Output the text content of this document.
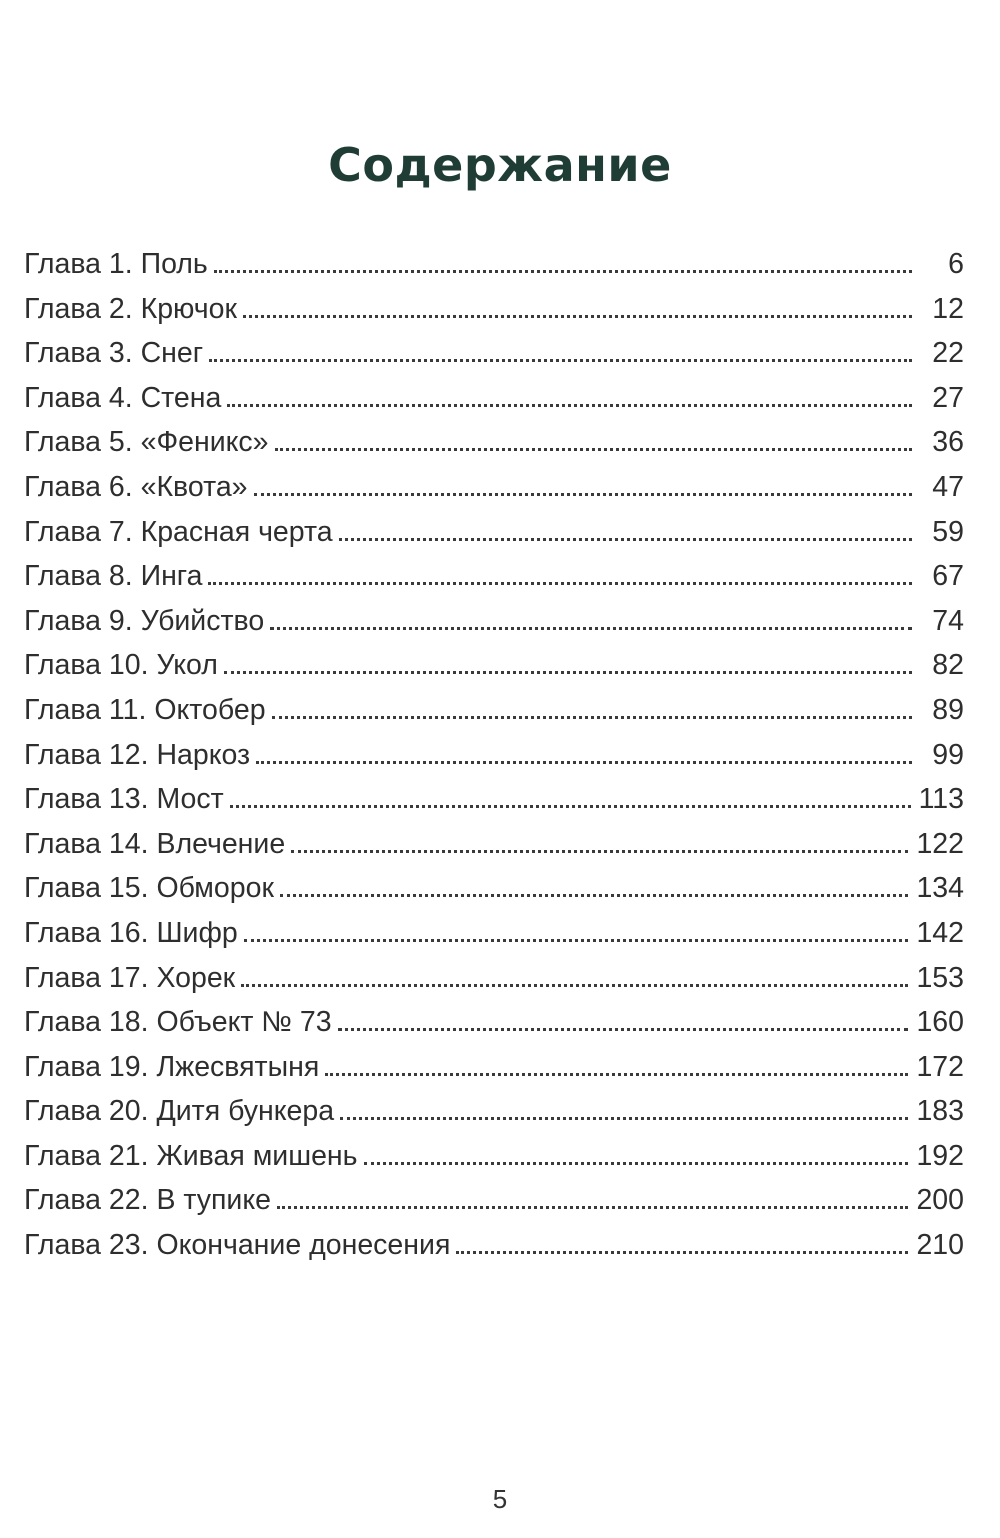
Содержание
Глава 1. Поль	6
Глава 2. Крючок	12
Глава 3. Снег	22
Глава 4. Стена	27
Глава 5. «Феникс»	36
Глава 6. «Квота»	47
Глава 7. Красная черта	59
Глава 8. Инга	67
Глава 9. Убийство	74
Глава 10. Укол	82
Глава 11. Октобер	89
Глава 12. Наркоз	99
Глава 13. Мост	113
Глава 14. Влечение	122
Глава 15. Обморок	134
Глава 16. Шифр	142
Глава 17. Хорек	153
Глава 18. Объект № 73	160
Глава 19. Лжесвятыня	172
Глава 20. Дитя бункера	183
Глава 21. Живая мишень	192
Глава 22. В тупике	200
Глава 23. Окончание донесения	210
5
